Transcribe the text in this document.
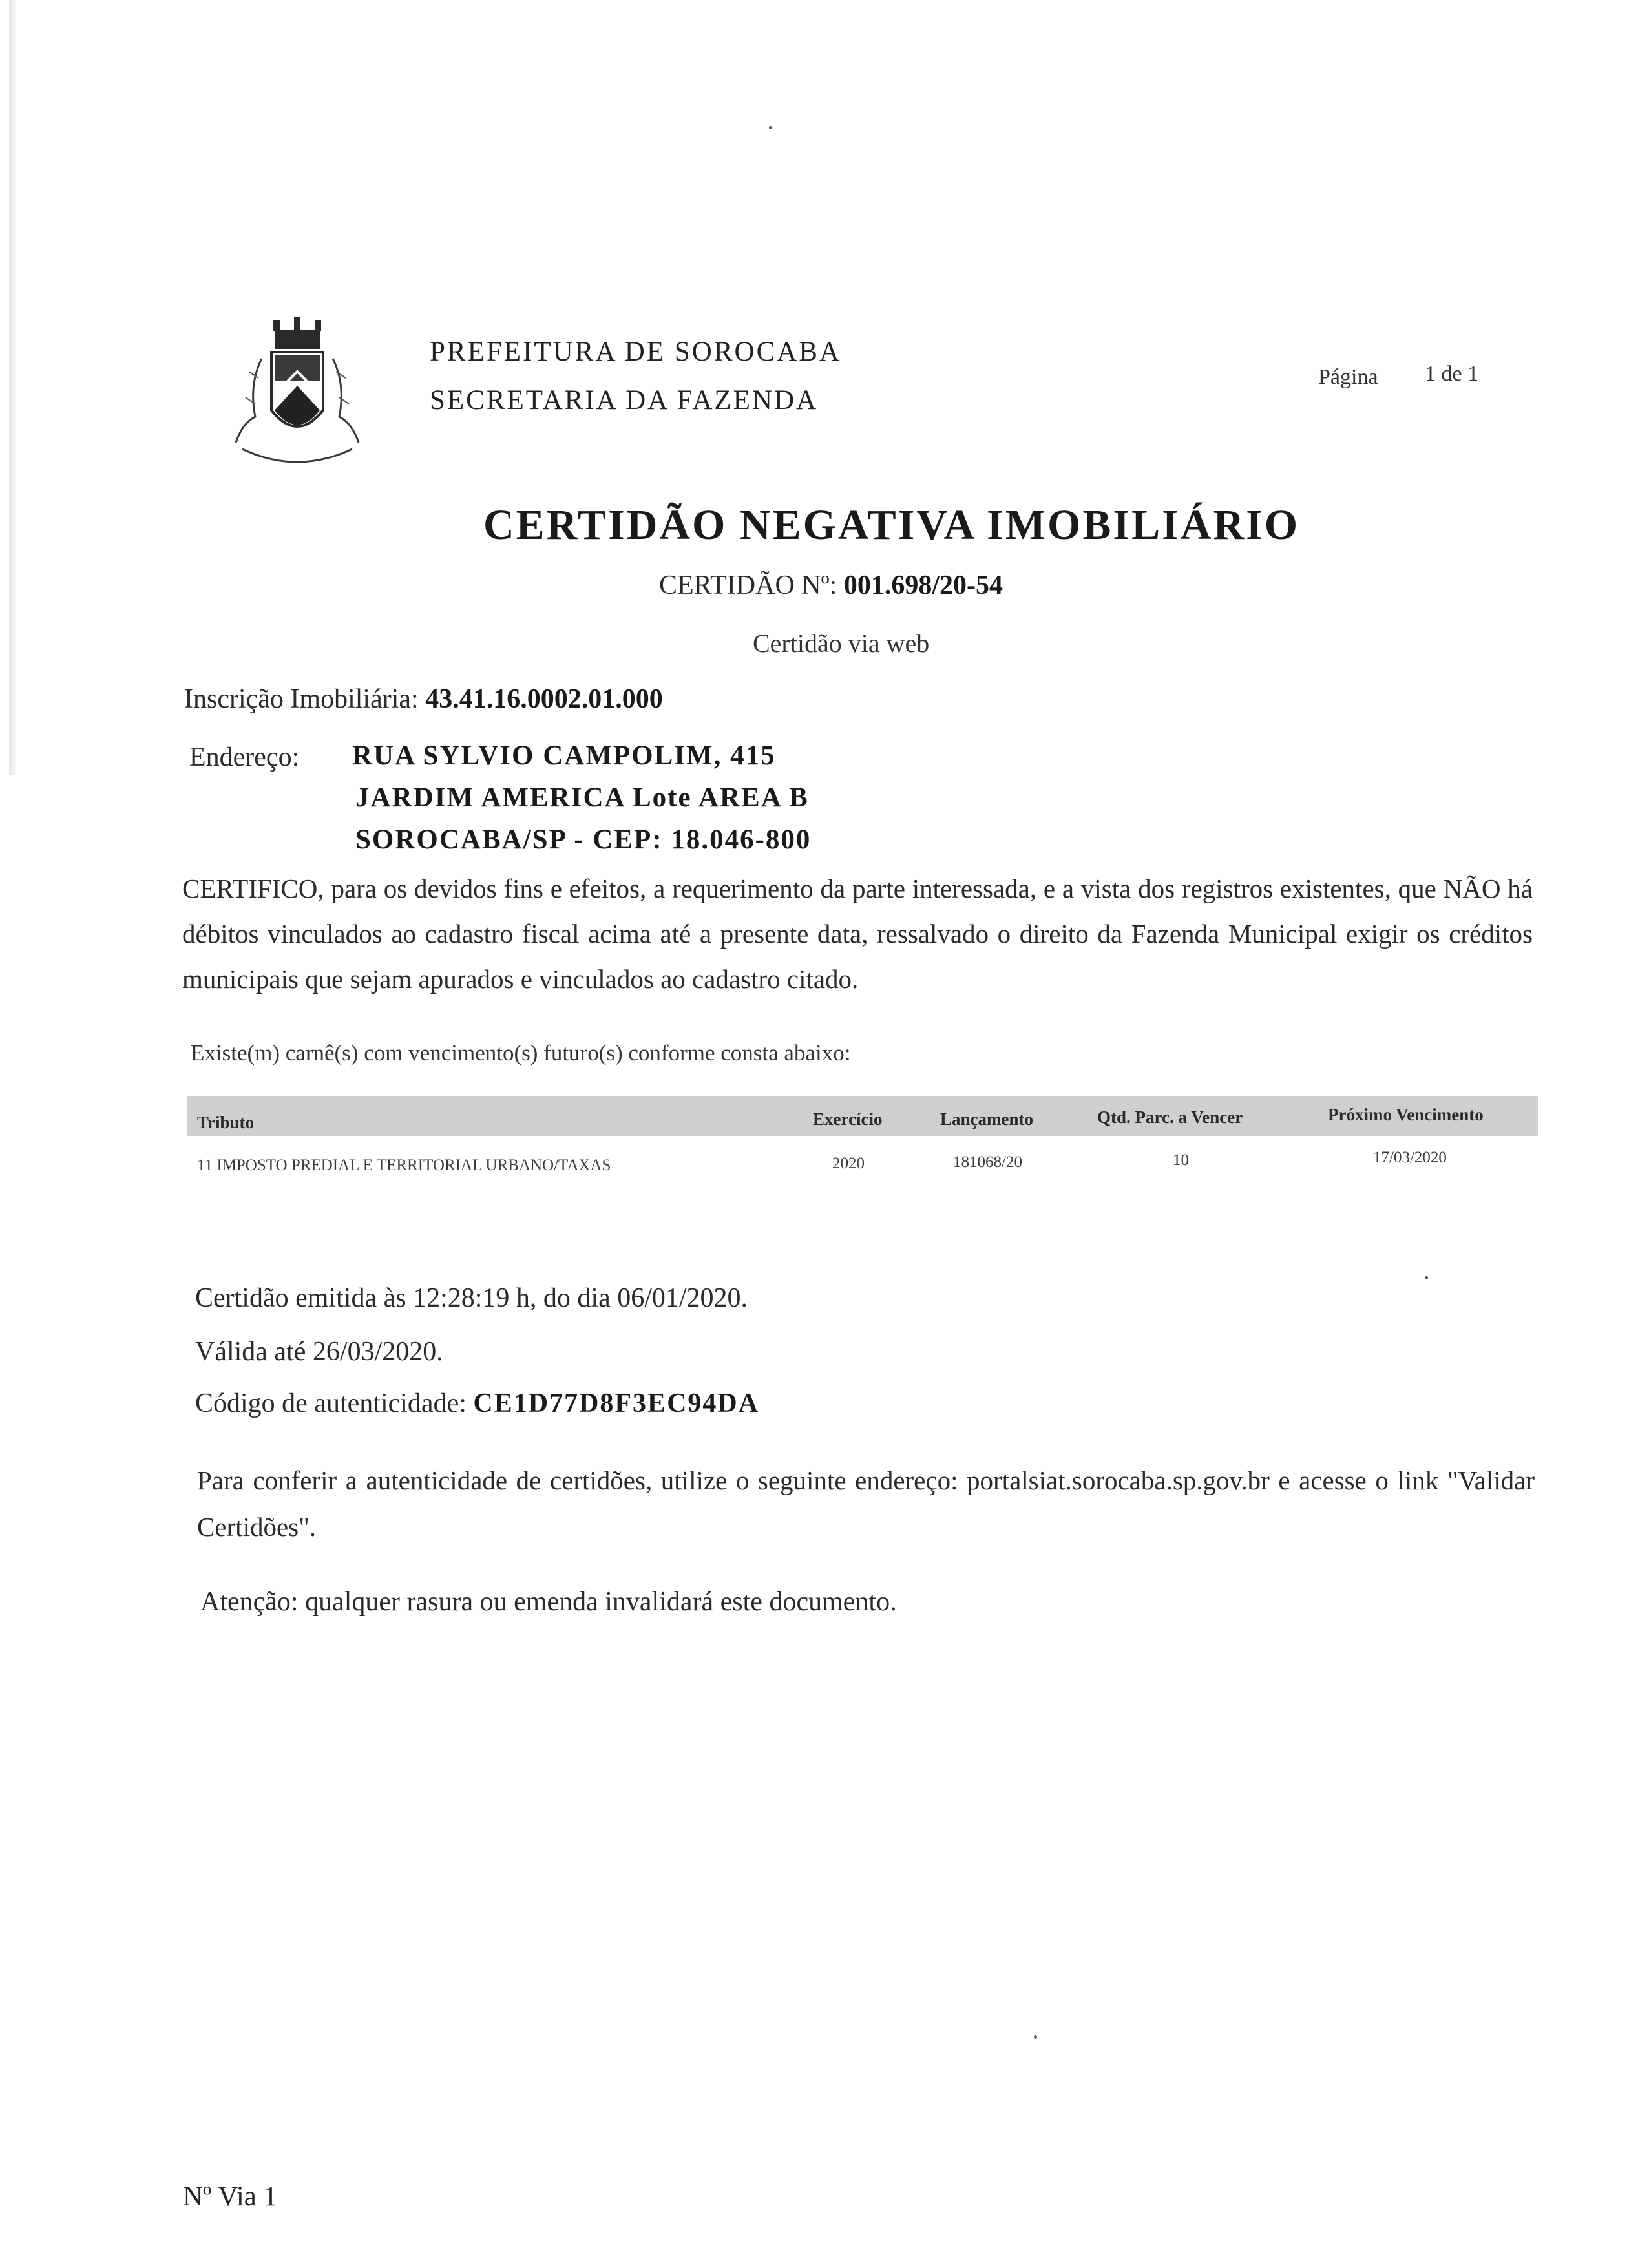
PREFEITURA DE SOROCABA
SECRETARIA DA FAZENDA
Página 1 de 1
CERTIDÃO NEGATIVA IMOBILIÁRIO
CERTIDÃO Nº: 001.698/20-54
Certidão via web
Inscrição Imobiliária: 43.41.16.0002.01.000
Endereço: RUA SYLVIO CAMPOLIM, 415
JARDIM AMERICA Lote AREA B
SOROCABA/SP - CEP: 18.046-800
CERTIFICO, para os devidos fins e efeitos, a requerimento da parte interessada, e a vista dos registros existentes, que NÃO há débitos vinculados ao cadastro fiscal acima até a presente data, ressalvado o direito da Fazenda Municipal exigir os créditos municipais que sejam apurados e vinculados ao cadastro citado.
Existe(m) carnê(s) com vencimento(s) futuro(s) conforme consta abaixo:
Tributo	Exercício	Lançamento	Qtd. Parc. a Vencer	Próximo Vencimento
11 IMPOSTO PREDIAL E TERRITORIAL URBANO/TAXAS	2020	181068/20	10	17/03/2020
Certidão emitida às 12:28:19 h, do dia 06/01/2020.
Válida até 26/03/2020.
Código de autenticidade: CE1D77D8F3EC94DA
Para conferir a autenticidade de certidões, utilize o seguinte endereço: portalsiat.sorocaba.sp.gov.br e acesse o link "Validar Certidões".
Atenção: qualquer rasura ou emenda invalidará este documento.
Nº Via 1
